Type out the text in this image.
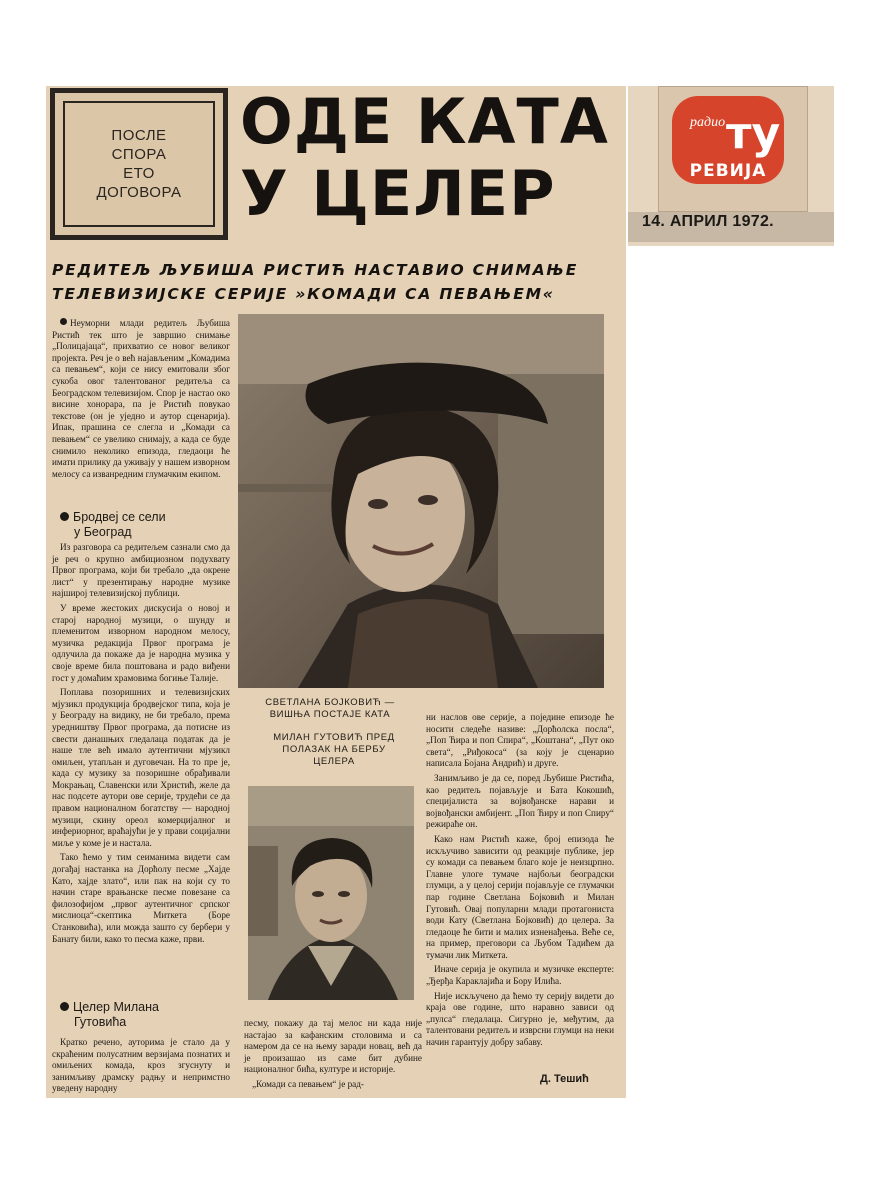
ПОСЛЕ
СПОРА
ЕТО
ДОГОВОРА
ОДЕ КАТА
У ЦЕЛЕР
РЕДИТЕЉ ЉУБИША РИСТИЋ НАСТАВИО СНИМАЊЕ
ТЕЛЕВИЗИЈСКЕ СЕРИЈЕ »КОМАДИ СА ПЕВАЊЕМ«

Неуморни млади редитељ Љубиша Ристић тек што је завршио снимање „Полицајаца“, прихватио се новог великог пројекта. Реч је о већ најављеним „Комадима са певањем“, који се нису емитовали због сукоба овог талентованог редитеља са Београдском телевизијом. Спор је настао око висине хонорара, па је Ристић повукао текстове (он је уједно и аутор сценарија). Ипак, прашина се слегла и „Комади са певањем“ се увелико снимају, а када се буде снимило неколико епизода, гледаоци ће имати прилику да уживају у нашем изворном мелосу са изванредним глумачким екипом.

Бродвеј се сели
у Београд

Из разговора са редитељем сазнали смо да је реч о крупно амбициозном подухвату Првог програма, који би требало „да окрене лист“ у презентирању народне музике најширој телевизијској публици.

У време жестоких дискусија о новој и старој народној музици, о шунду и племенитом изворном народном мелосу, музичка редакција Првог програма је одлучила да покаже да је народна музика у своје време била поштована и радо виђени гост у домаћим храмовима богиње Талије.

Поплава позоришних и телевизијских мјузикл продукција бродвејског типа, која је у Београду на видику, не би требало, према уредништву Првог програма, да потисне из свести данашњих гледалаца податак да је наше тле већ имало аутентични мјузикл омиљен, утапљан и дуговечан. На то пре је, када су музику за позоришне обрађивали Мокрањац, Славенски или Христић, желе да нас подсете аутори ове серије, трудећи се да правом националном богатству — народној музици, скину ореол комерцијалног и инфериорног, враћајући је у прави социјални миље у коме је и настала.

Тако ћемо у тим сеиманима видети сам догађај настанка на Дорћолу песме „Хајде Като, хајде злато“, или пак на који су то начин старе врањанске песме повезане са филозофијом „првог аутентичног српског мислиоца“-скептика Миткета (Боре Станковића), или можда зашто су бербери у Банату били, како то песма каже, први.

Целер Милана
Гутовића

Кратко речено, ауторима је стало да у скраћеним полусатним верзијама познатих и омиљених комада, кроз згуснуту и занимљиву драмску радњу и непримстно уведену народну

СВЕТЛАНА БОЈКОВИЋ —
ВИШЊА ПОСТАЈЕ КАТА
МИЛАН ГУТОВИЋ ПРЕД
ПОЛАЗАК НА БЕРБУ
ЦЕЛЕРА

песму, покажу да тај мелос ни када није настајао за кафанским столовима и са намером да се на њему заради новац, већ да је произашао из саме бит дубине националног бића, културе и историје.

„Комади са певањем“ је рад-

ни наслов ове серије, а поједине епизоде ће носити следеће називе: „Дорћолска посла“, „Поп Ћира и поп Спира“, „Коштана“, „Пут око света“, „Риђокоса“ (за коју је сценарио написала Бојана Андрић) и друге.

Занимљиво је да се, поред Љубише Ристића, као редитељ појављује и Бата Кокошић, специјалиста за војвођанске нарави и војвођански амбијент. „Поп Ћиру и поп Спиру“ режираће он.

Како нам Ристић каже, број епизода ће искључиво зависити од реакције публике, јер су комади са певањем благо које је неизцрпно. Главне улоге тумаче најбољи београдски глумци, а у целој серији појављује се глумачки пар године Светлана Бојковић и Милан Гутовић. Овај популарни млади протагониста води Кату (Светлана Бојковић) до целера. За гледаоце ће бити и малих изненађења. Веће се, на пример, преговори са Љубом Тадићем да тумачи лик Миткета.

Иначе серија је окупила и музичке експерте: „Ђерђа Караклајића и Бору Илића.

Није искључено да ћемо ту серију видети до краја ове године, што наравно зависи од „пулса“ гледалаца. Сигурно је, међутим, да талентовани редитељ и изврсни глумци на неки начин гарантују добру забаву.

Д. Тешић
радио ту
РЕВИЈА
14. АПРИЛ 1972.
